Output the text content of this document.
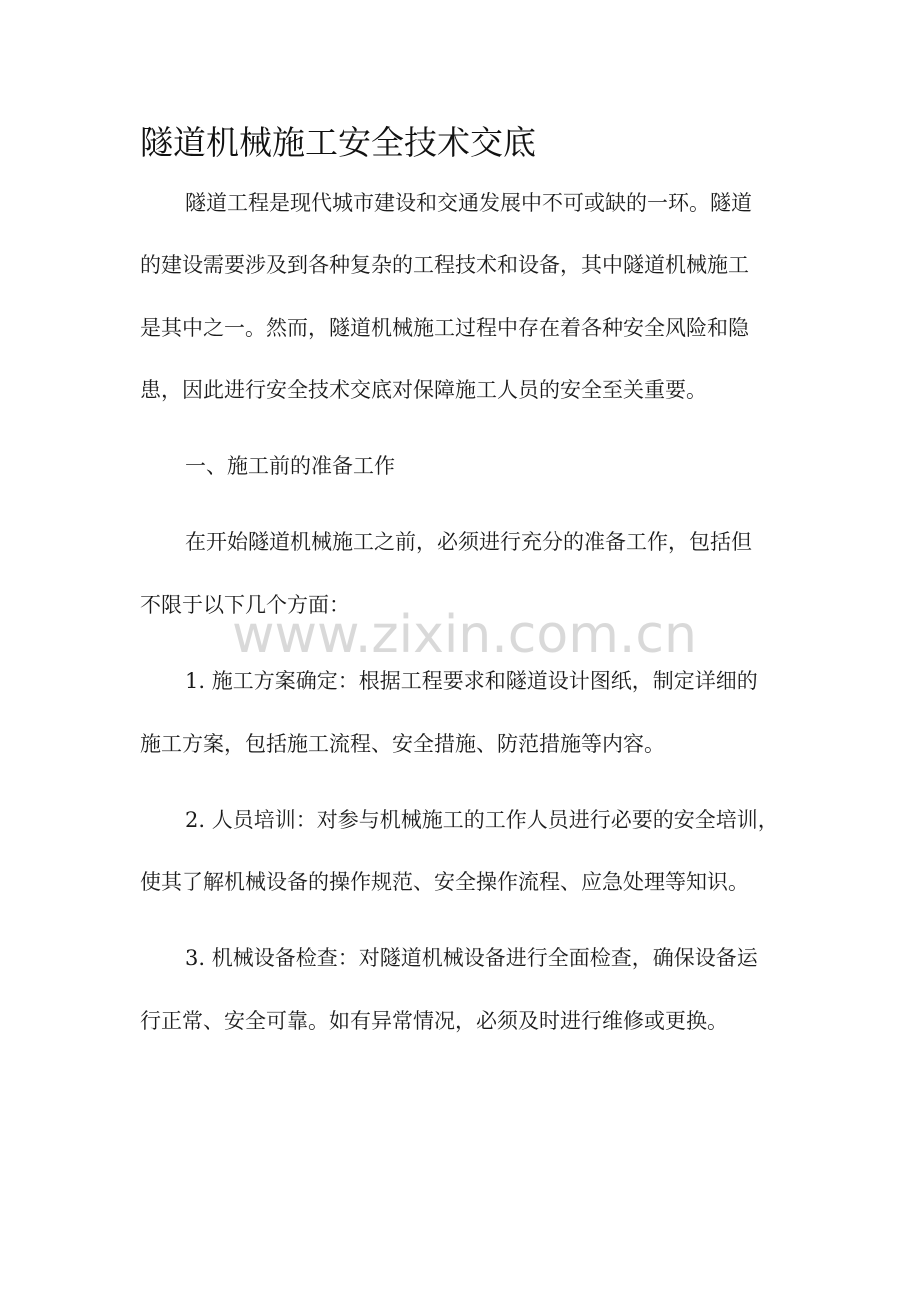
隧道机械施工安全技术交底
隧道工程是现代城市建设和交通发展中不可或缺的一环。隧道
的建设需要涉及到各种复杂的工程技术和设备，其中隧道机械施工
是其中之一。然而，隧道机械施工过程中存在着各种安全风险和隐
患，因此进行安全技术交底对保障施工人员的安全至关重要。
一、施工前的准备工作
在开始隧道机械施工之前，必须进行充分的准备工作，包括但
不限于以下几个方面：
www.zixin.com.cn
1. 施工方案确定：根据工程要求和隧道设计图纸，制定详细的
施工方案，包括施工流程、安全措施、防范措施等内容。
2. 人员培训：对参与机械施工的工作人员进行必要的安全培训，
使其了解机械设备的操作规范、安全操作流程、应急处理等知识。
3. 机械设备检查：对隧道机械设备进行全面检查，确保设备运
行正常、安全可靠。如有异常情况，必须及时进行维修或更换。
